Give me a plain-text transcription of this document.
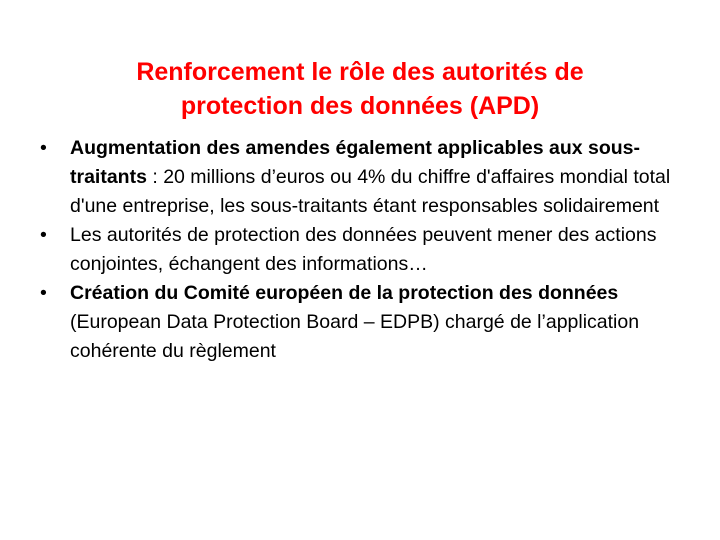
Renforcement le rôle des autorités de
protection des données (APD)
•	Augmentation des amendes également applicables aux sous-traitants : 20 millions d’euros ou 4% du chiffre d'affaires mondial total d'une entreprise, les sous-traitants étant responsables solidairement
•	Les autorités de protection des données peuvent mener des actions conjointes, échangent des informations…
•	Création du Comité européen de la protection des données (European Data Protection Board – EDPB) chargé de l’application cohérente du règlement
